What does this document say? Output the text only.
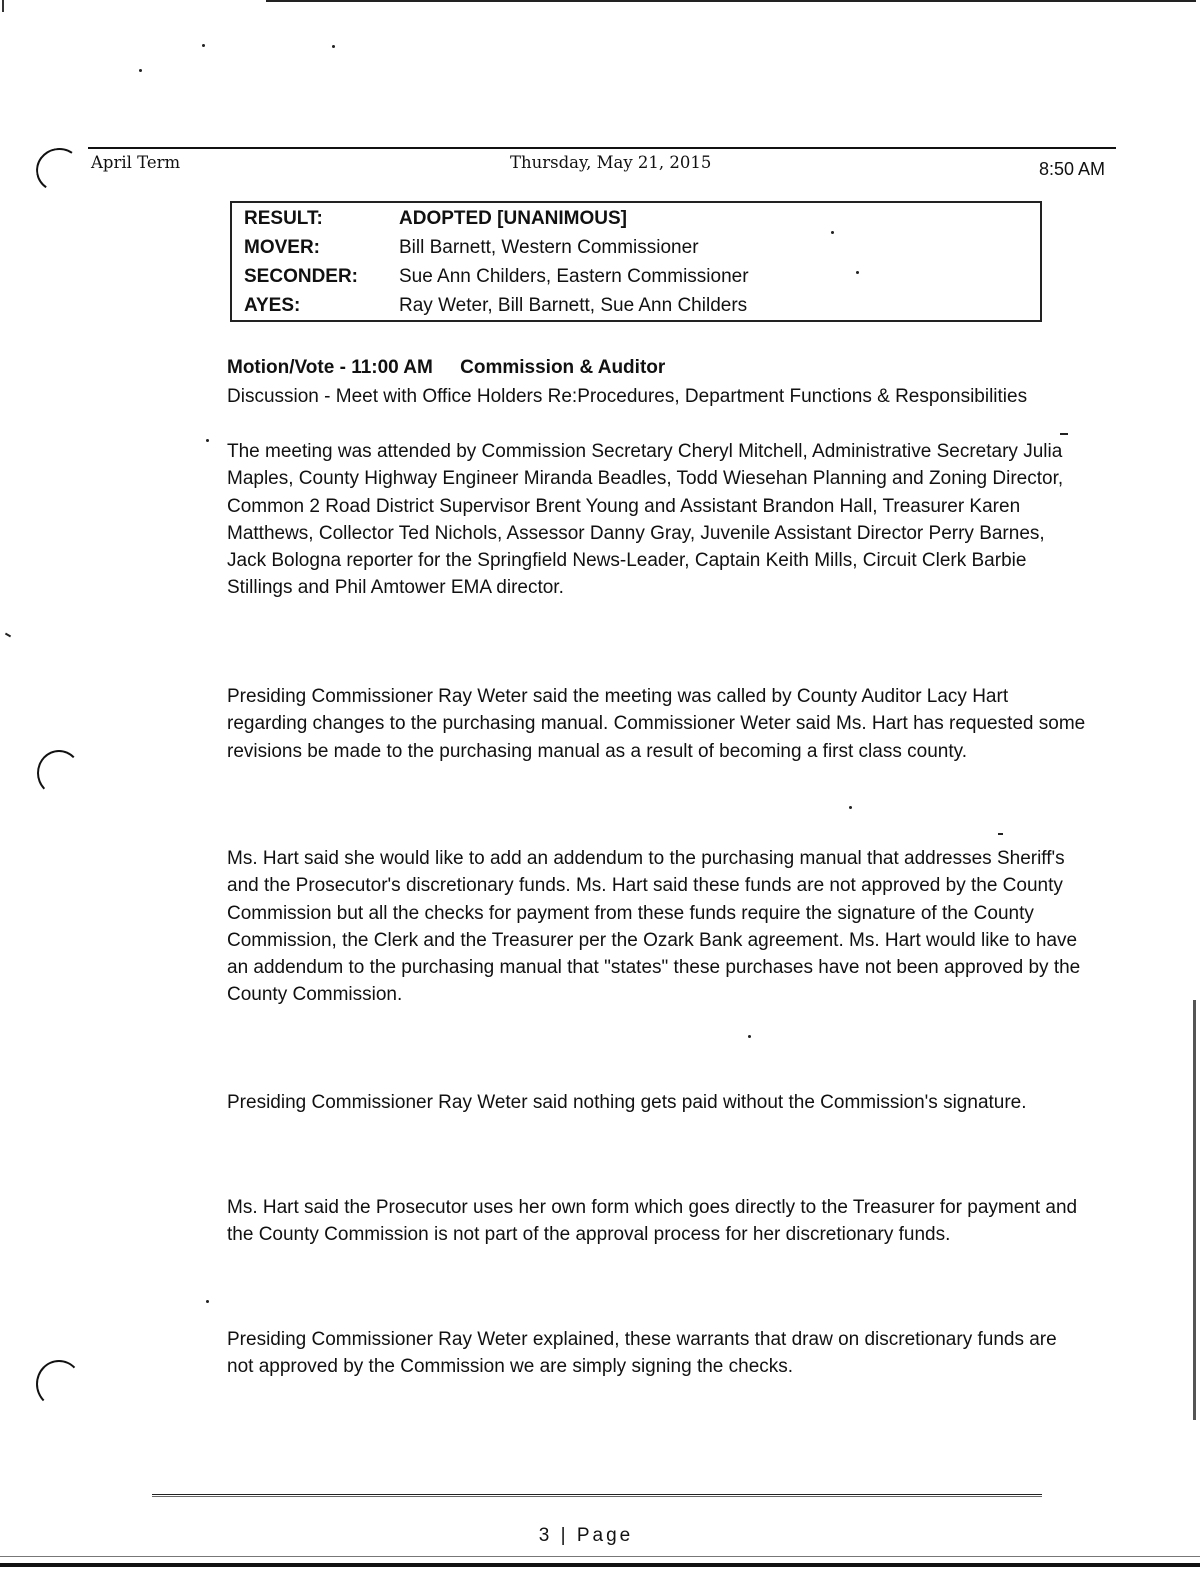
April Term	Thursday, May 21, 2015	8:50 AM
RESULT:	ADOPTED [UNANIMOUS]
MOVER:	Bill Barnett, Western Commissioner
SECONDER:	Sue Ann Childers, Eastern Commissioner
AYES:	Ray Weter, Bill Barnett, Sue Ann Childers
Motion/Vote - 11:00 AM Commission & Auditor
Discussion - Meet with Office Holders Re:Procedures, Department Functions & Responsibilities
The meeting was attended by Commission Secretary Cheryl Mitchell, Administrative Secretary Julia Maples, County Highway Engineer Miranda Beadles, Todd Wiesehan Planning and Zoning Director, Common 2 Road District Supervisor Brent Young and Assistant Brandon Hall, Treasurer Karen Matthews, Collector Ted Nichols, Assessor Danny Gray, Juvenile Assistant Director Perry Barnes, Jack Bologna reporter for the Springfield News-Leader, Captain Keith Mills, Circuit Clerk Barbie Stillings and Phil Amtower EMA director.
Presiding Commissioner Ray Weter said the meeting was called by County Auditor Lacy Hart regarding changes to the purchasing manual. Commissioner Weter said Ms. Hart has requested some revisions be made to the purchasing manual as a result of becoming a first class county.
Ms. Hart said she would like to add an addendum to the purchasing manual that addresses Sheriff's and the Prosecutor's discretionary funds. Ms. Hart said these funds are not approved by the County Commission but all the checks for payment from these funds require the signature of the County Commission, the Clerk and the Treasurer per the Ozark Bank agreement. Ms. Hart would like to have an addendum to the purchasing manual that "states" these purchases have not been approved by the County Commission.
Presiding Commissioner Ray Weter said nothing gets paid without the Commission's signature.
Ms. Hart said the Prosecutor uses her own form which goes directly to the Treasurer for payment and the County Commission is not part of the approval process for her discretionary funds.
Presiding Commissioner Ray Weter explained, these warrants that draw on discretionary funds are not approved by the Commission we are simply signing the checks.
3 | Page
